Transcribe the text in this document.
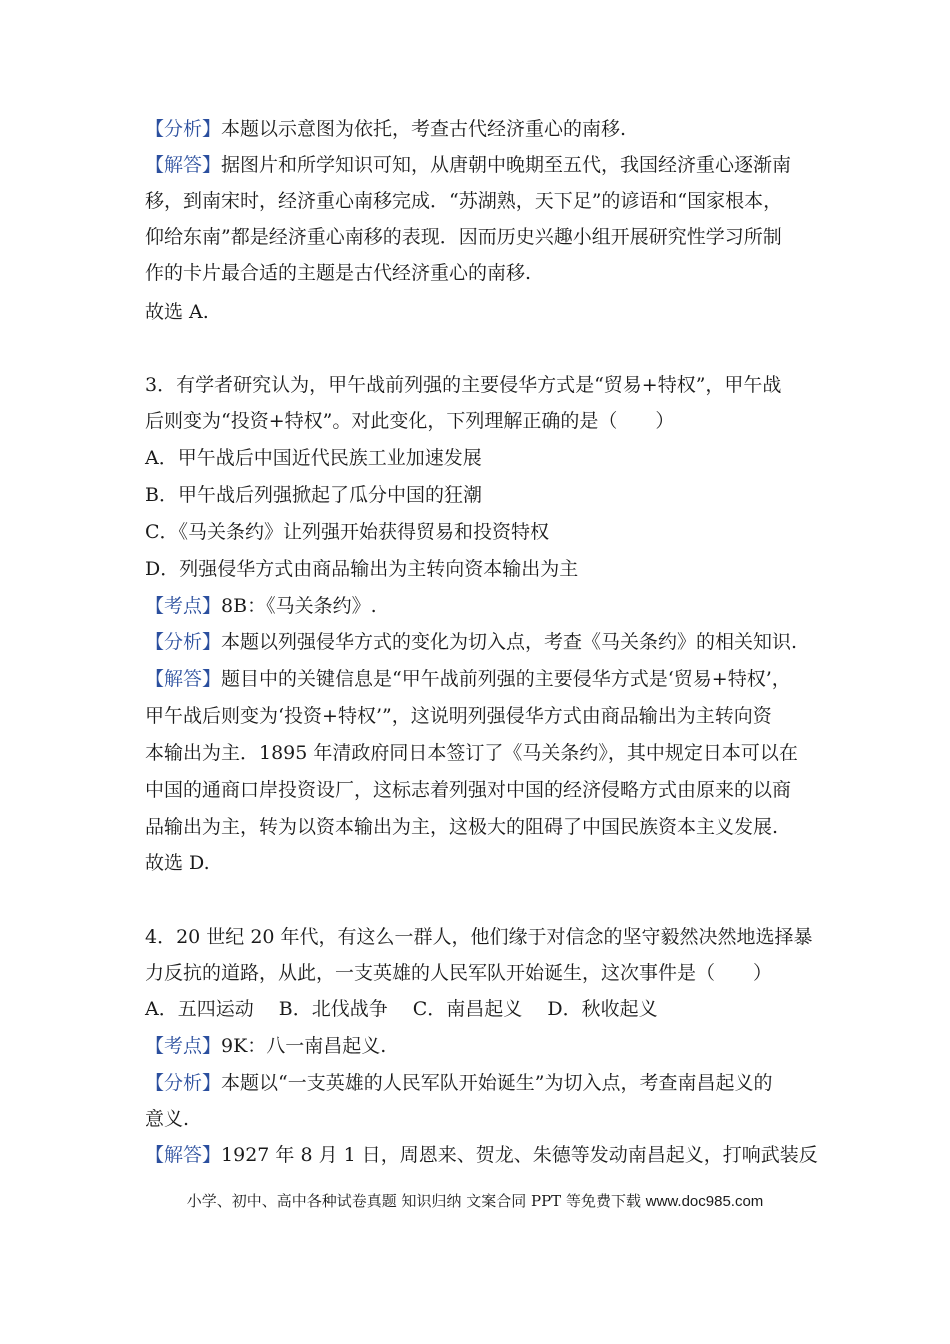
【分析】本题以示意图为依托，考查古代经济重心的南移.
【解答】据图片和所学知识可知，从唐朝中晚期至五代，我国经济重心逐渐南
移，到南宋时，经济重心南移完成．“苏湖熟，天下足”的谚语和“国家根本，
仰给东南”都是经济重心南移的表现．因而历史兴趣小组开展研究性学习所制
作的卡片最合适的主题是古代经济重心的南移.
故选 A.
3．有学者研究认为，甲午战前列强的主要侵华方式是“贸易+特权”，甲午战
后则变为“投资+特权”。对此变化，下列理解正确的是（　　）
A．甲午战后中国近代民族工业加速发展
B．甲午战后列强掀起了瓜分中国的狂潮
C．《马关条约》让列强开始获得贸易和投资特权
D．列强侵华方式由商品输出为主转向资本输出为主
【考点】8B：《马关条约》.
【分析】本题以列强侵华方式的变化为切入点，考查《马关条约》的相关知识.
【解答】题目中的关键信息是“甲午战前列强的主要侵华方式是‘贸易+特权’，
甲午战后则变为‘投资+特权’”，这说明列强侵华方式由商品输出为主转向资
本输出为主．1895 年清政府同日本签订了《马关条约》，其中规定日本可以在
中国的通商口岸投资设厂，这标志着列强对中国的经济侵略方式由原来的以商
品输出为主，转为以资本输出为主，这极大的阻碍了中国民族资本主义发展.
故选 D.
4．20 世纪 20 年代，有这么一群人，他们缘于对信念的坚守毅然决然地选择暴
力反抗的道路，从此，一支英雄的人民军队开始诞生，这次事件是（　　）
A．五四运动　 B．北伐战争　 C．南昌起义　 D．秋收起义
【考点】9K：八一南昌起义.
【分析】本题以“一支英雄的人民军队开始诞生”为切入点，考查南昌起义的
意义.
【解答】1927 年 8 月 1 日，周恩来、贺龙、朱德等发动南昌起义，打响武装反
小学、初中、高中各种试卷真题 知识归纳 文案合同 PPT 等免费下载 www.doc985.com
